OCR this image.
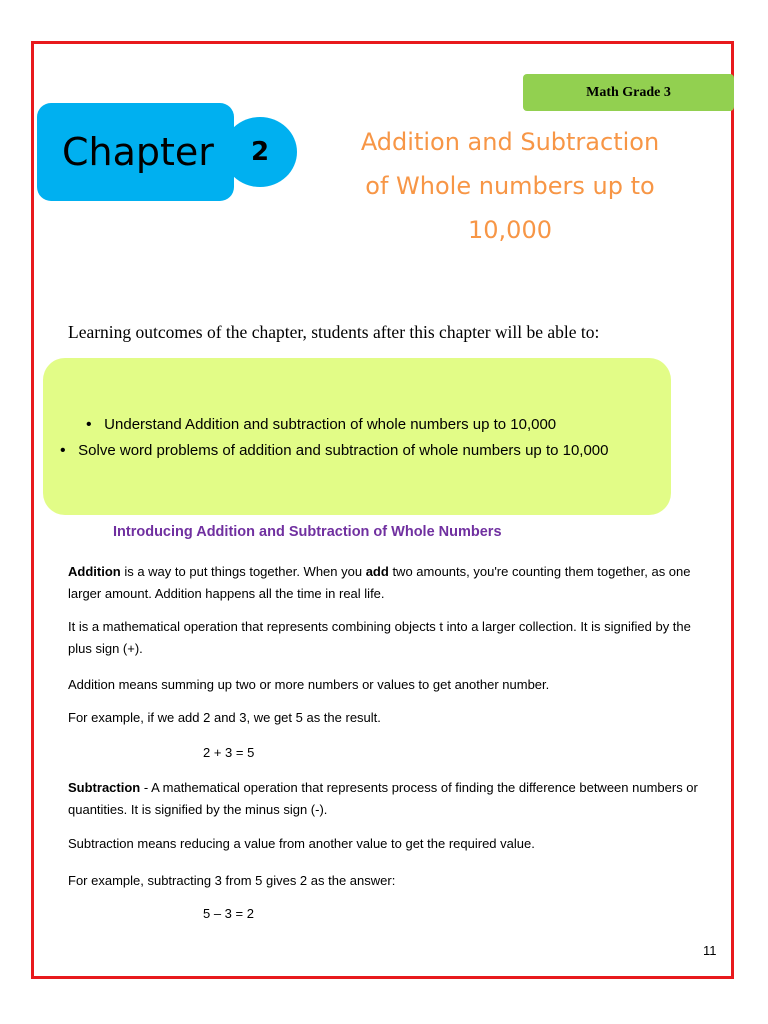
Math Grade 3
Chapter 2	Addition and Subtraction
of Whole numbers up to
10,000
Learning outcomes of the chapter, students after this chapter will be able to:
• Understand Addition and subtraction of whole numbers up to 10,000
• Solve word problems of addition and subtraction of whole numbers up to 10,000
Introducing Addition and Subtraction of Whole Numbers
Addition is a way to put things together. When you add two amounts, you're counting them together, as one larger amount. Addition happens all the time in real life.
It is a mathematical operation that represents combining objects t into a larger collection. It is signified by the plus sign (+).
Addition means summing up two or more numbers or values to get another number.
For example, if we add 2 and 3, we get 5 as the result.
2 + 3 = 5
Subtraction - A mathematical operation that represents process of finding the difference between numbers or quantities. It is signified by the minus sign (-).
Subtraction means reducing a value from another value to get the required value.
For example, subtracting 3 from 5 gives 2 as the answer:
5 – 3 = 2
11
